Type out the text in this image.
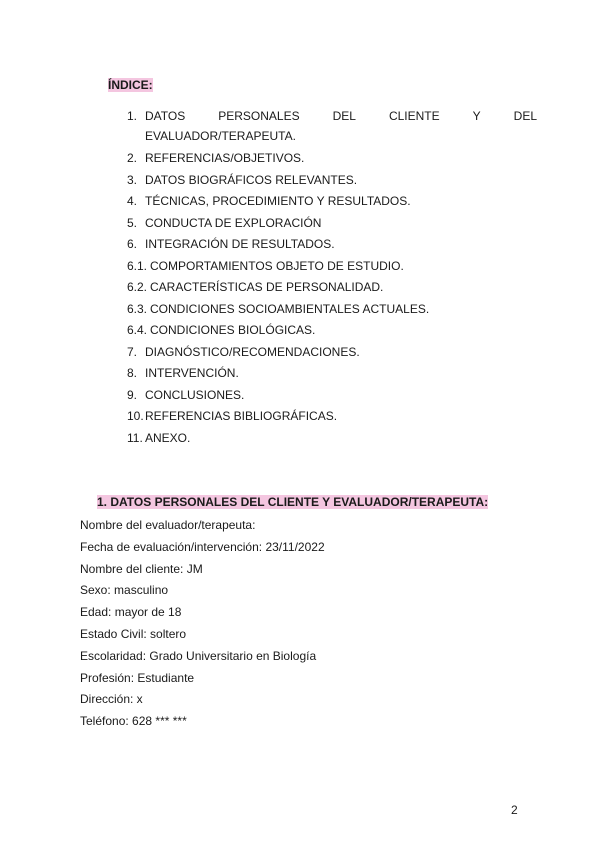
ÍNDICE:
1. DATOS	PERSONALES	DEL	CLIENTE	Y	DEL
EVALUADOR/TERAPEUTA.
2. REFERENCIAS/OBJETIVOS.
3. DATOS BIOGRÁFICOS RELEVANTES.
4. TÉCNICAS, PROCEDIMIENTO Y RESULTADOS.
5. CONDUCTA DE EXPLORACIÓN
6. INTEGRACIÓN DE RESULTADOS.
6.1. COMPORTAMIENTOS OBJETO DE ESTUDIO.
6.2. CARACTERÍSTICAS DE PERSONALIDAD.
6.3. CONDICIONES SOCIOAMBIENTALES ACTUALES.
6.4. CONDICIONES BIOLÓGICAS.
7. DIAGNÓSTICO/RECOMENDACIONES.
8. INTERVENCIÓN.
9. CONCLUSIONES.
10. REFERENCIAS BIBLIOGRÁFICAS.
11. ANEXO.
1. DATOS PERSONALES DEL CLIENTE Y EVALUADOR/TERAPEUTA:
Nombre del evaluador/terapeuta:
Fecha de evaluación/intervención: 23/11/2022
Nombre del cliente: JM
Sexo: masculino
Edad: mayor de 18
Estado Civil: soltero
Escolaridad: Grado Universitario en Biología
Profesión: Estudiante
Dirección: x
Teléfono: 628 *** ***
2
